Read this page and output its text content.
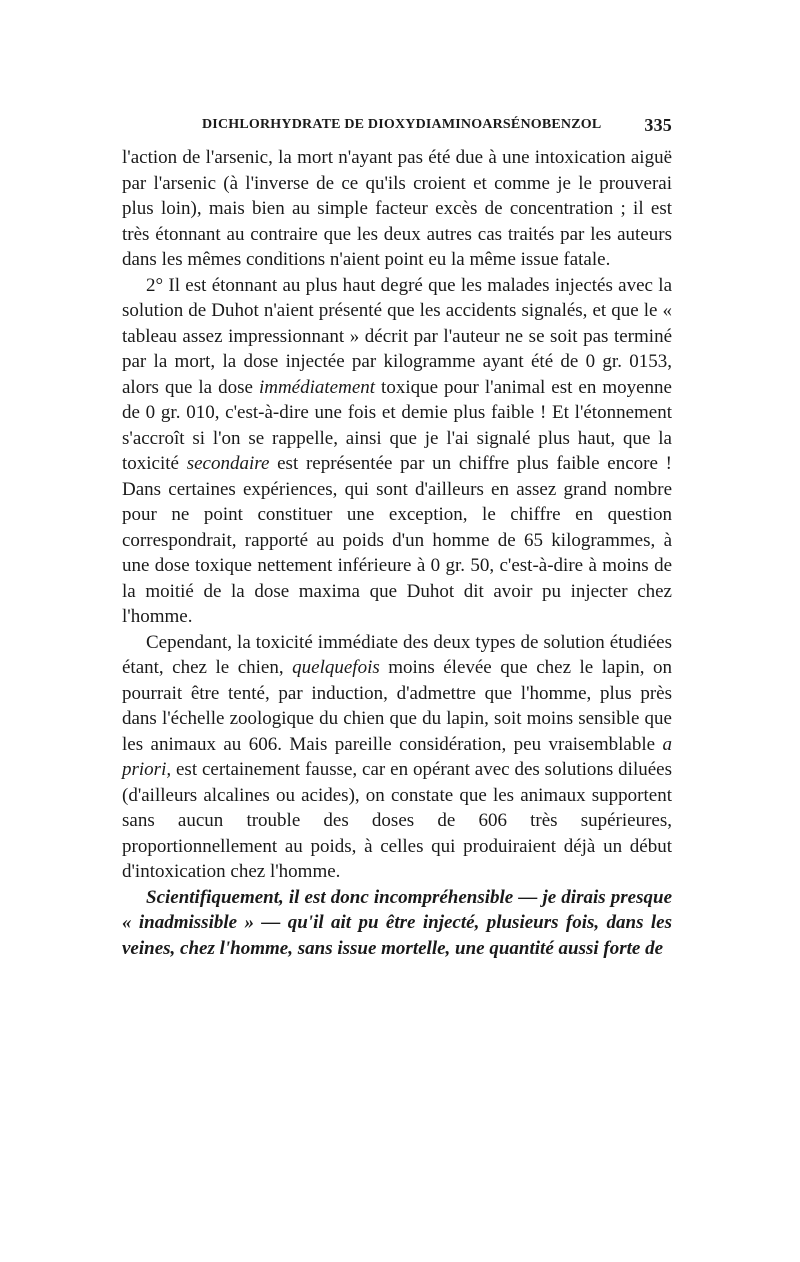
DICHLORHYDRATE DE DIOXYDIAMINOARSÉNOBENZOL 335

l'action de l'arsenic, la mort n'ayant pas été due à une intoxication aiguë par l'arsenic (à l'inverse de ce qu'ils croient et comme je le prouverai plus loin), mais bien au simple facteur excès de concentration ; il est très étonnant au contraire que les deux autres cas traités par les auteurs dans les mêmes conditions n'aient point eu la même issue fatale.

2° Il est étonnant au plus haut degré que les malades injectés avec la solution de Duhot n'aient présenté que les accidents signalés, et que le « tableau assez impressionnant » décrit par l'auteur ne se soit pas terminé par la mort, la dose injectée par kilogramme ayant été de 0 gr. 0153, alors que la dose immédiatement toxique pour l'animal est en moyenne de 0 gr. 010, c'est-à-dire une fois et demie plus faible ! Et l'étonnement s'accroît si l'on se rappelle, ainsi que je l'ai signalé plus haut, que la toxicité secondaire est représentée par un chiffre plus faible encore ! Dans certaines expériences, qui sont d'ailleurs en assez grand nombre pour ne point constituer une exception, le chiffre en question correspondrait, rapporté au poids d'un homme de 65 kilogrammes, à une dose toxique nettement inférieure à 0 gr. 50, c'est-à-dire à moins de la moitié de la dose maxima que Duhot dit avoir pu injecter chez l'homme.

Cependant, la toxicité immédiate des deux types de solution étudiées étant, chez le chien, quelquefois moins élevée que chez le lapin, on pourrait être tenté, par induction, d'admettre que l'homme, plus près dans l'échelle zoologique du chien que du lapin, soit moins sensible que les animaux au 606. Mais pareille considération, peu vraisemblable a priori, est certainement fausse, car en opérant avec des solutions diluées (d'ailleurs alcalines ou acides), on constate que les animaux supportent sans aucun trouble des doses de 606 très supérieures, proportionnellement au poids, à celles qui produiraient déjà un début d'intoxication chez l'homme.

Scientifiquement, il est donc incompréhensible — je dirais presque « inadmissible » — qu'il ait pu être injecté, plusieurs fois, dans les veines, chez l'homme, sans issue mortelle, une quantité aussi forte de
